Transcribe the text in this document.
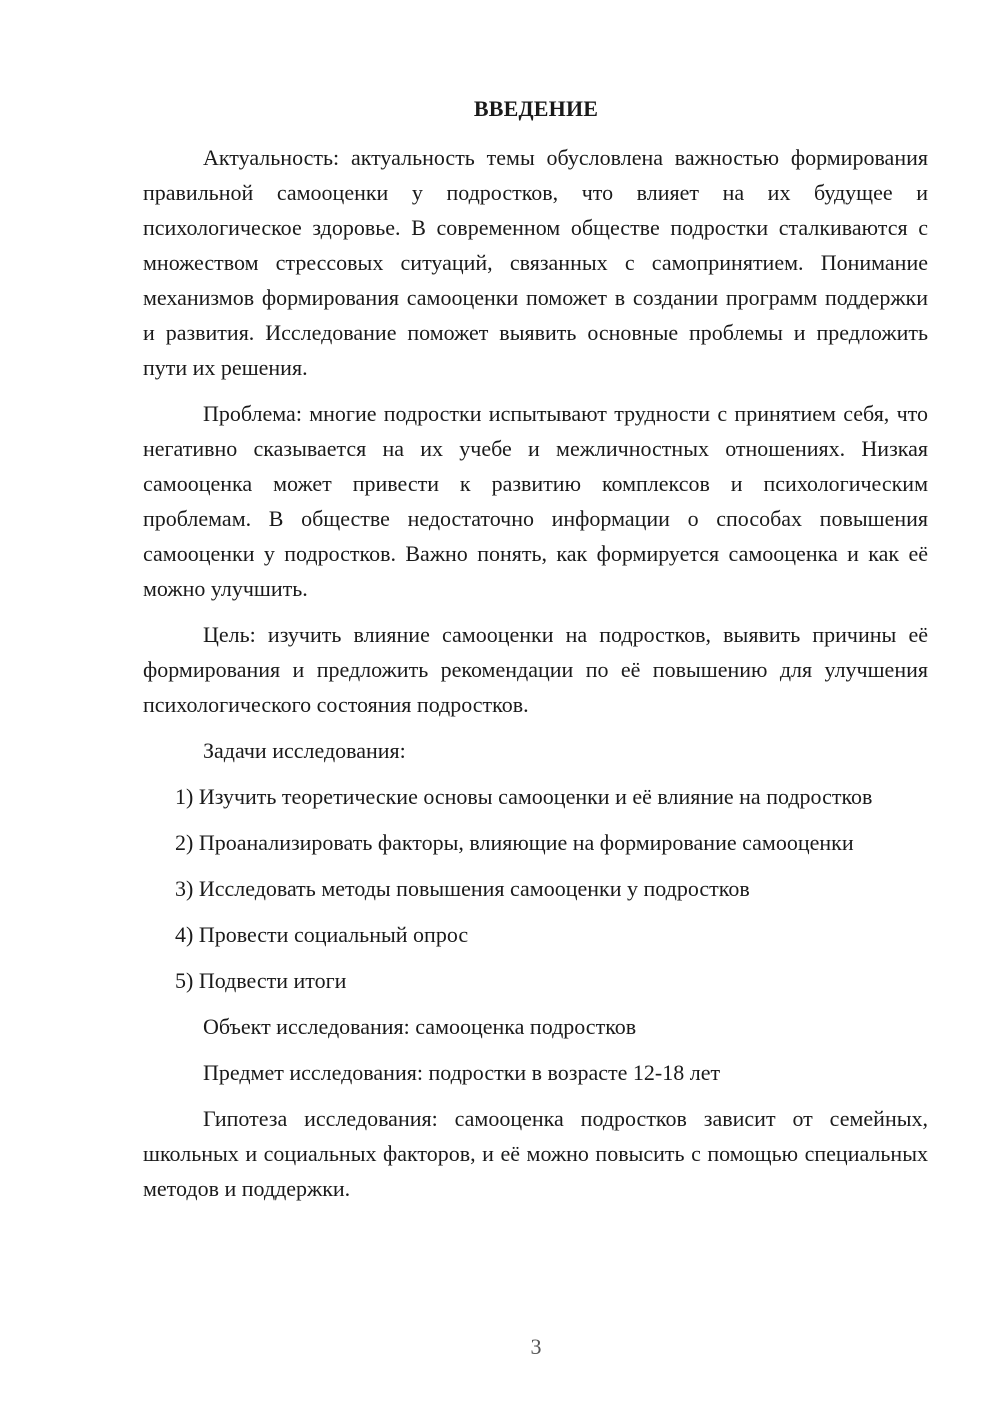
ВВЕДЕНИЕ

Актуальность: актуальность темы обусловлена важностью формирования правильной самооценки у подростков, что влияет на их будущее и психологическое здоровье. В современном обществе подростки сталкиваются с множеством стрессовых ситуаций, связанных с самопринятием. Понимание механизмов формирования самооценки поможет в создании программ поддержки и развития. Исследование поможет выявить основные проблемы и предложить пути их решения.

Проблема: многие подростки испытывают трудности с принятием себя, что негативно сказывается на их учебе и межличностных отношениях. Низкая самооценка может привести к развитию комплексов и психологическим проблемам. В обществе недостаточно информации о способах повышения самооценки у подростков. Важно понять, как формируется самооценка и как её можно улучшить.

Цель: изучить влияние самооценки на подростков, выявить причины её формирования и предложить рекомендации по её повышению для улучшения психологического состояния подростков.

Задачи исследования:

1) Изучить теоретические основы самооценки и её влияние на подростков

2) Проанализировать факторы, влияющие на формирование самооценки

3) Исследовать методы повышения самооценки у подростков

4) Провести социальный опрос

5) Подвести итоги

Объект исследования: самооценка подростков

Предмет исследования: подростки в возрасте 12-18 лет

Гипотеза исследования: самооценка подростков зависит от семейных, школьных и социальных факторов, и её можно повысить с помощью специальных методов и поддержки.

3
